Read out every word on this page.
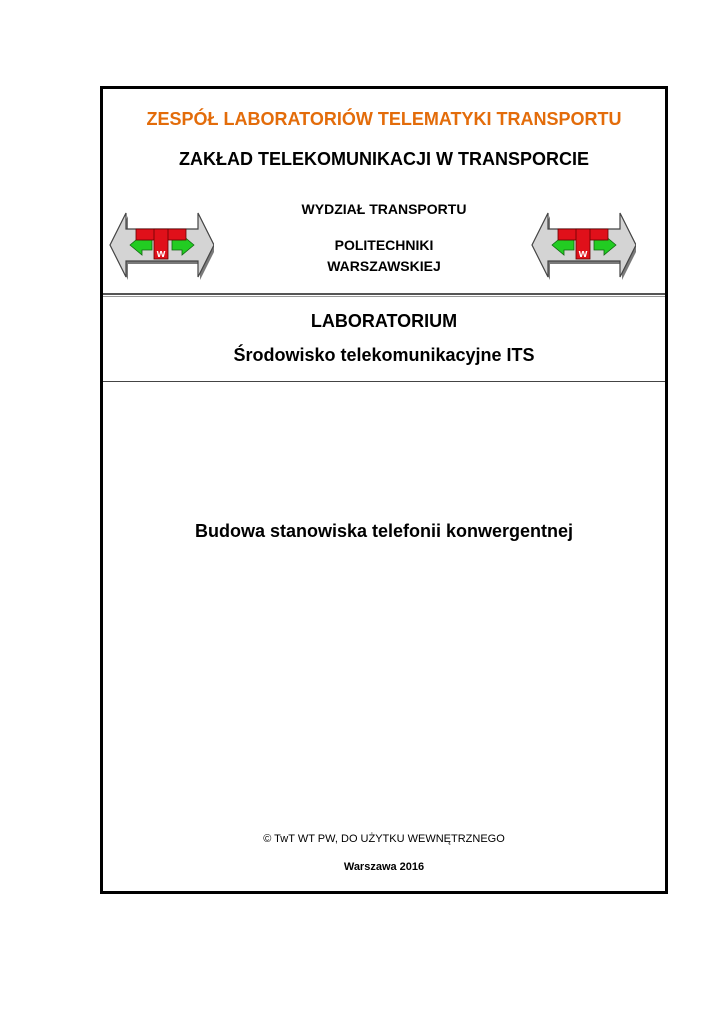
ZESPÓŁ LABORATORIÓW TELEMATYKI TRANSPORTU
ZAKŁAD TELEKOMUNIKACJI W TRANSPORCIE
w	w
WYDZIAŁ TRANSPORTU
POLITECHNIKI
WARSZAWSKIEJ
LABORATORIUM
Środowisko telekomunikacyjne ITS
Budowa stanowiska telefonii konwergentnej
© TwT WT PW, DO UŻYTKU WEWNĘTRZNEGO
Warszawa 2016
